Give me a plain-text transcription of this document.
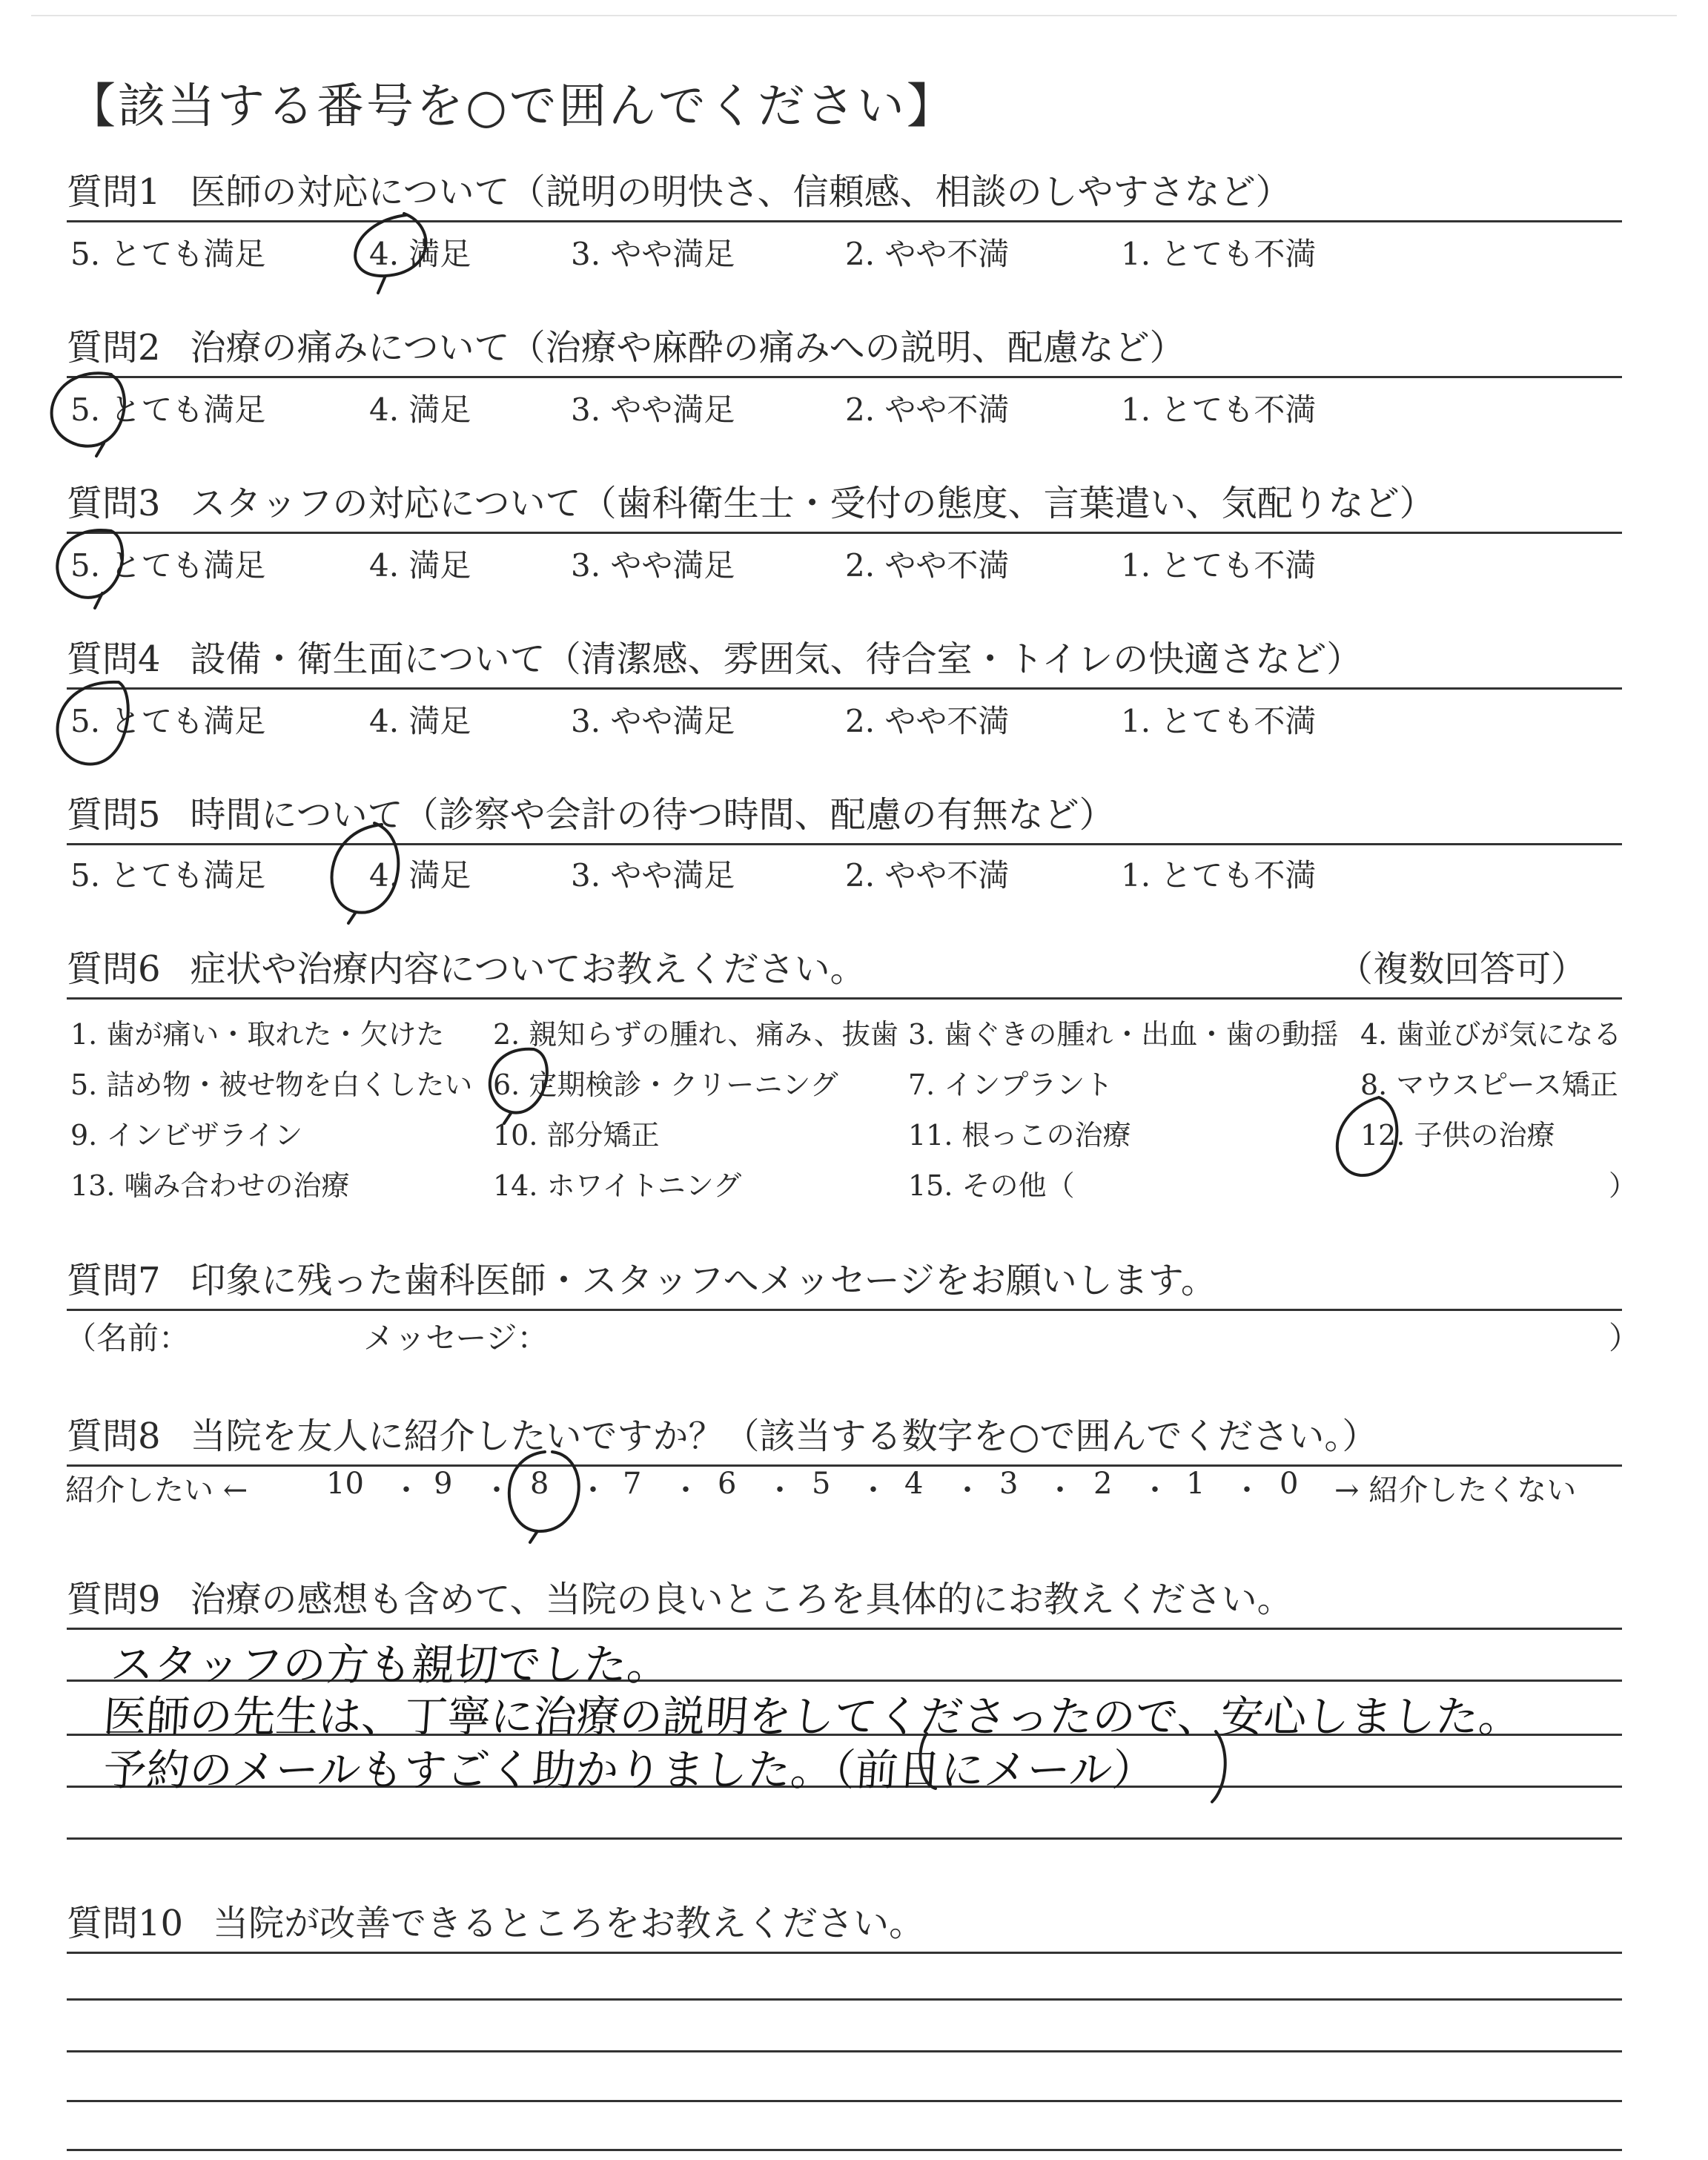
【該当する番号を○で囲んでください】
質問1 医師の対応について（説明の明快さ、信頼感、相談のしやすさなど）
5. とても満足	4. 満足	3. やや満足	2. やや不満	1. とても不満
質問2 治療の痛みについて（治療や麻酔の痛みへの説明、配慮など）
5. とても満足	4. 満足	3. やや満足	2. やや不満	1. とても不満
質問3 スタッフの対応について（歯科衛生士・受付の態度、言葉遣い、気配りなど）
5. とても満足	4. 満足	3. やや満足	2. やや不満	1. とても不満
質問4 設備・衛生面について（清潔感、雰囲気、待合室・トイレの快適さなど）
5. とても満足	4. 満足	3. やや満足	2. やや不満	1. とても不満
質問5 時間について（診察や会計の待つ時間、配慮の有無など）
5. とても満足	4. 満足	3. やや満足	2. やや不満	1. とても不満
質問6 症状や治療内容についてお教えください。	（複数回答可）
1. 歯が痛い・取れた・欠けた 2. 親知らずの腫れ、痛み、抜歯 3. 歯ぐきの腫れ・出血・歯の動揺 4. 歯並びが気になる
5. 詰め物・被せ物を白くしたい 6. 定期検診・クリーニング 7. インプラント	8. マウスピース矯正
9. インビザライン	10. 部分矯正	11. 根っこの治療	12. 子供の治療
13. 噛み合わせの治療	14. ホワイトニング	15. その他（	）
質問7 印象に残った歯科医師・スタッフへメッセージをお願いします。
（名前：	メッセージ：	）
質問8 当院を友人に紹介したいですか？（該当する数字を○で囲んでください。）
紹介したい ←	10 ・ 9 ・ 8 ・ 7 ・ 6 ・ 5 ・ 4 ・ 3 ・ 2 ・ 1 ・ 0 → 紹介したくない
質問9 治療の感想も含めて、当院の良いところを具体的にお教えください。
スタッフの方も親切でした。
医師の先生は、丁寧に治療の説明をしてくださったので、安心しました。
予約のメールもすごく助かりました。（前日にメール）
質問10 当院が改善できるところをお教えください。
